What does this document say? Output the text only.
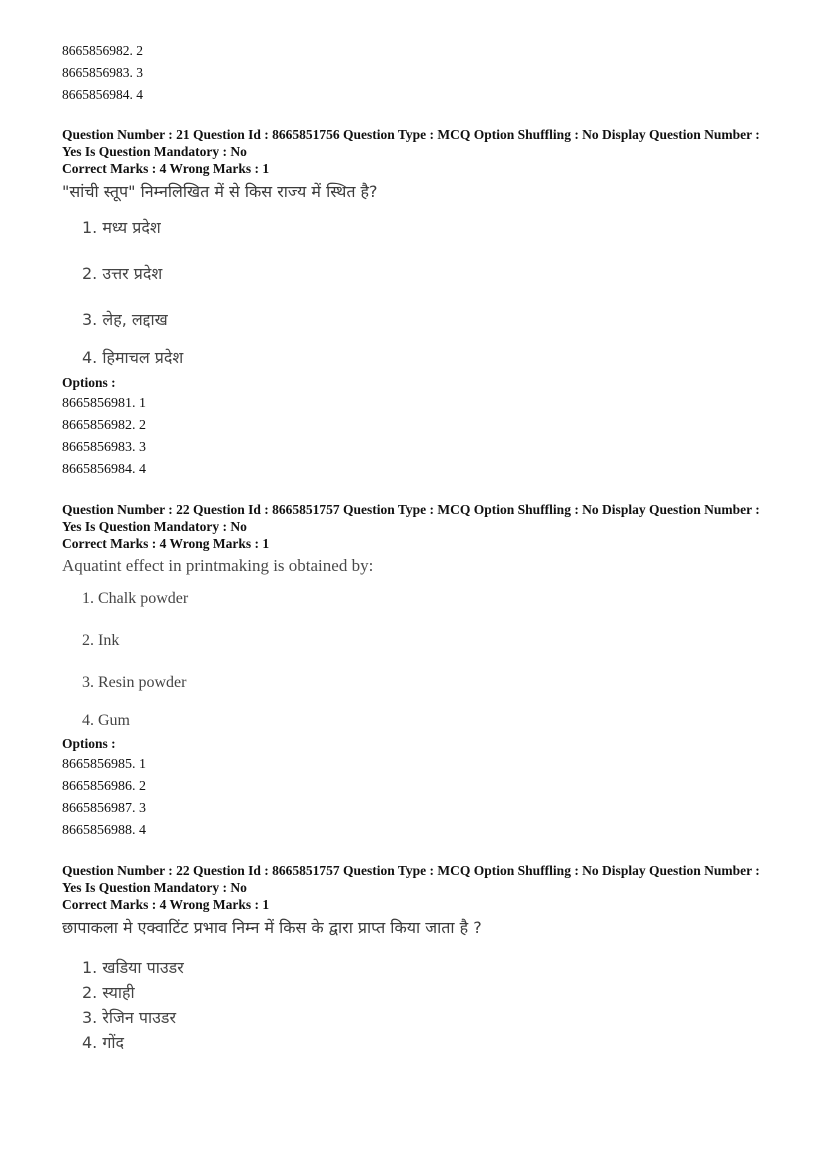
8665856982. 2
8665856983. 3
8665856984. 4
Question Number : 21 Question Id : 8665851756 Question Type : MCQ Option Shuffling : No Display Question Number : Yes Is Question Mandatory : No
Correct Marks : 4 Wrong Marks : 1
"सांची स्तूप" निम्नलिखित में से किस राज्य में स्थित है?
1. मध्य प्रदेश
2. उत्तर प्रदेश
3. लेह, लद्दाख
4. हिमाचल प्रदेश
Options :
8665856981. 1
8665856982. 2
8665856983. 3
8665856984. 4
Question Number : 22 Question Id : 8665851757 Question Type : MCQ Option Shuffling : No Display Question Number : Yes Is Question Mandatory : No
Correct Marks : 4 Wrong Marks : 1
Aquatint effect in printmaking is obtained by:
1. Chalk powder
2. Ink
3. Resin powder
4. Gum
Options :
8665856985. 1
8665856986. 2
8665856987. 3
8665856988. 4
Question Number : 22 Question Id : 8665851757 Question Type : MCQ Option Shuffling : No Display Question Number : Yes Is Question Mandatory : No
Correct Marks : 4 Wrong Marks : 1
छापाकला मे एक्वाटिंट प्रभाव निम्न में किस के द्वारा प्राप्त किया जाता है ?
1. खडिया पाउडर
2. स्याही
3. रेजिन पाउडर
4. गोंद
